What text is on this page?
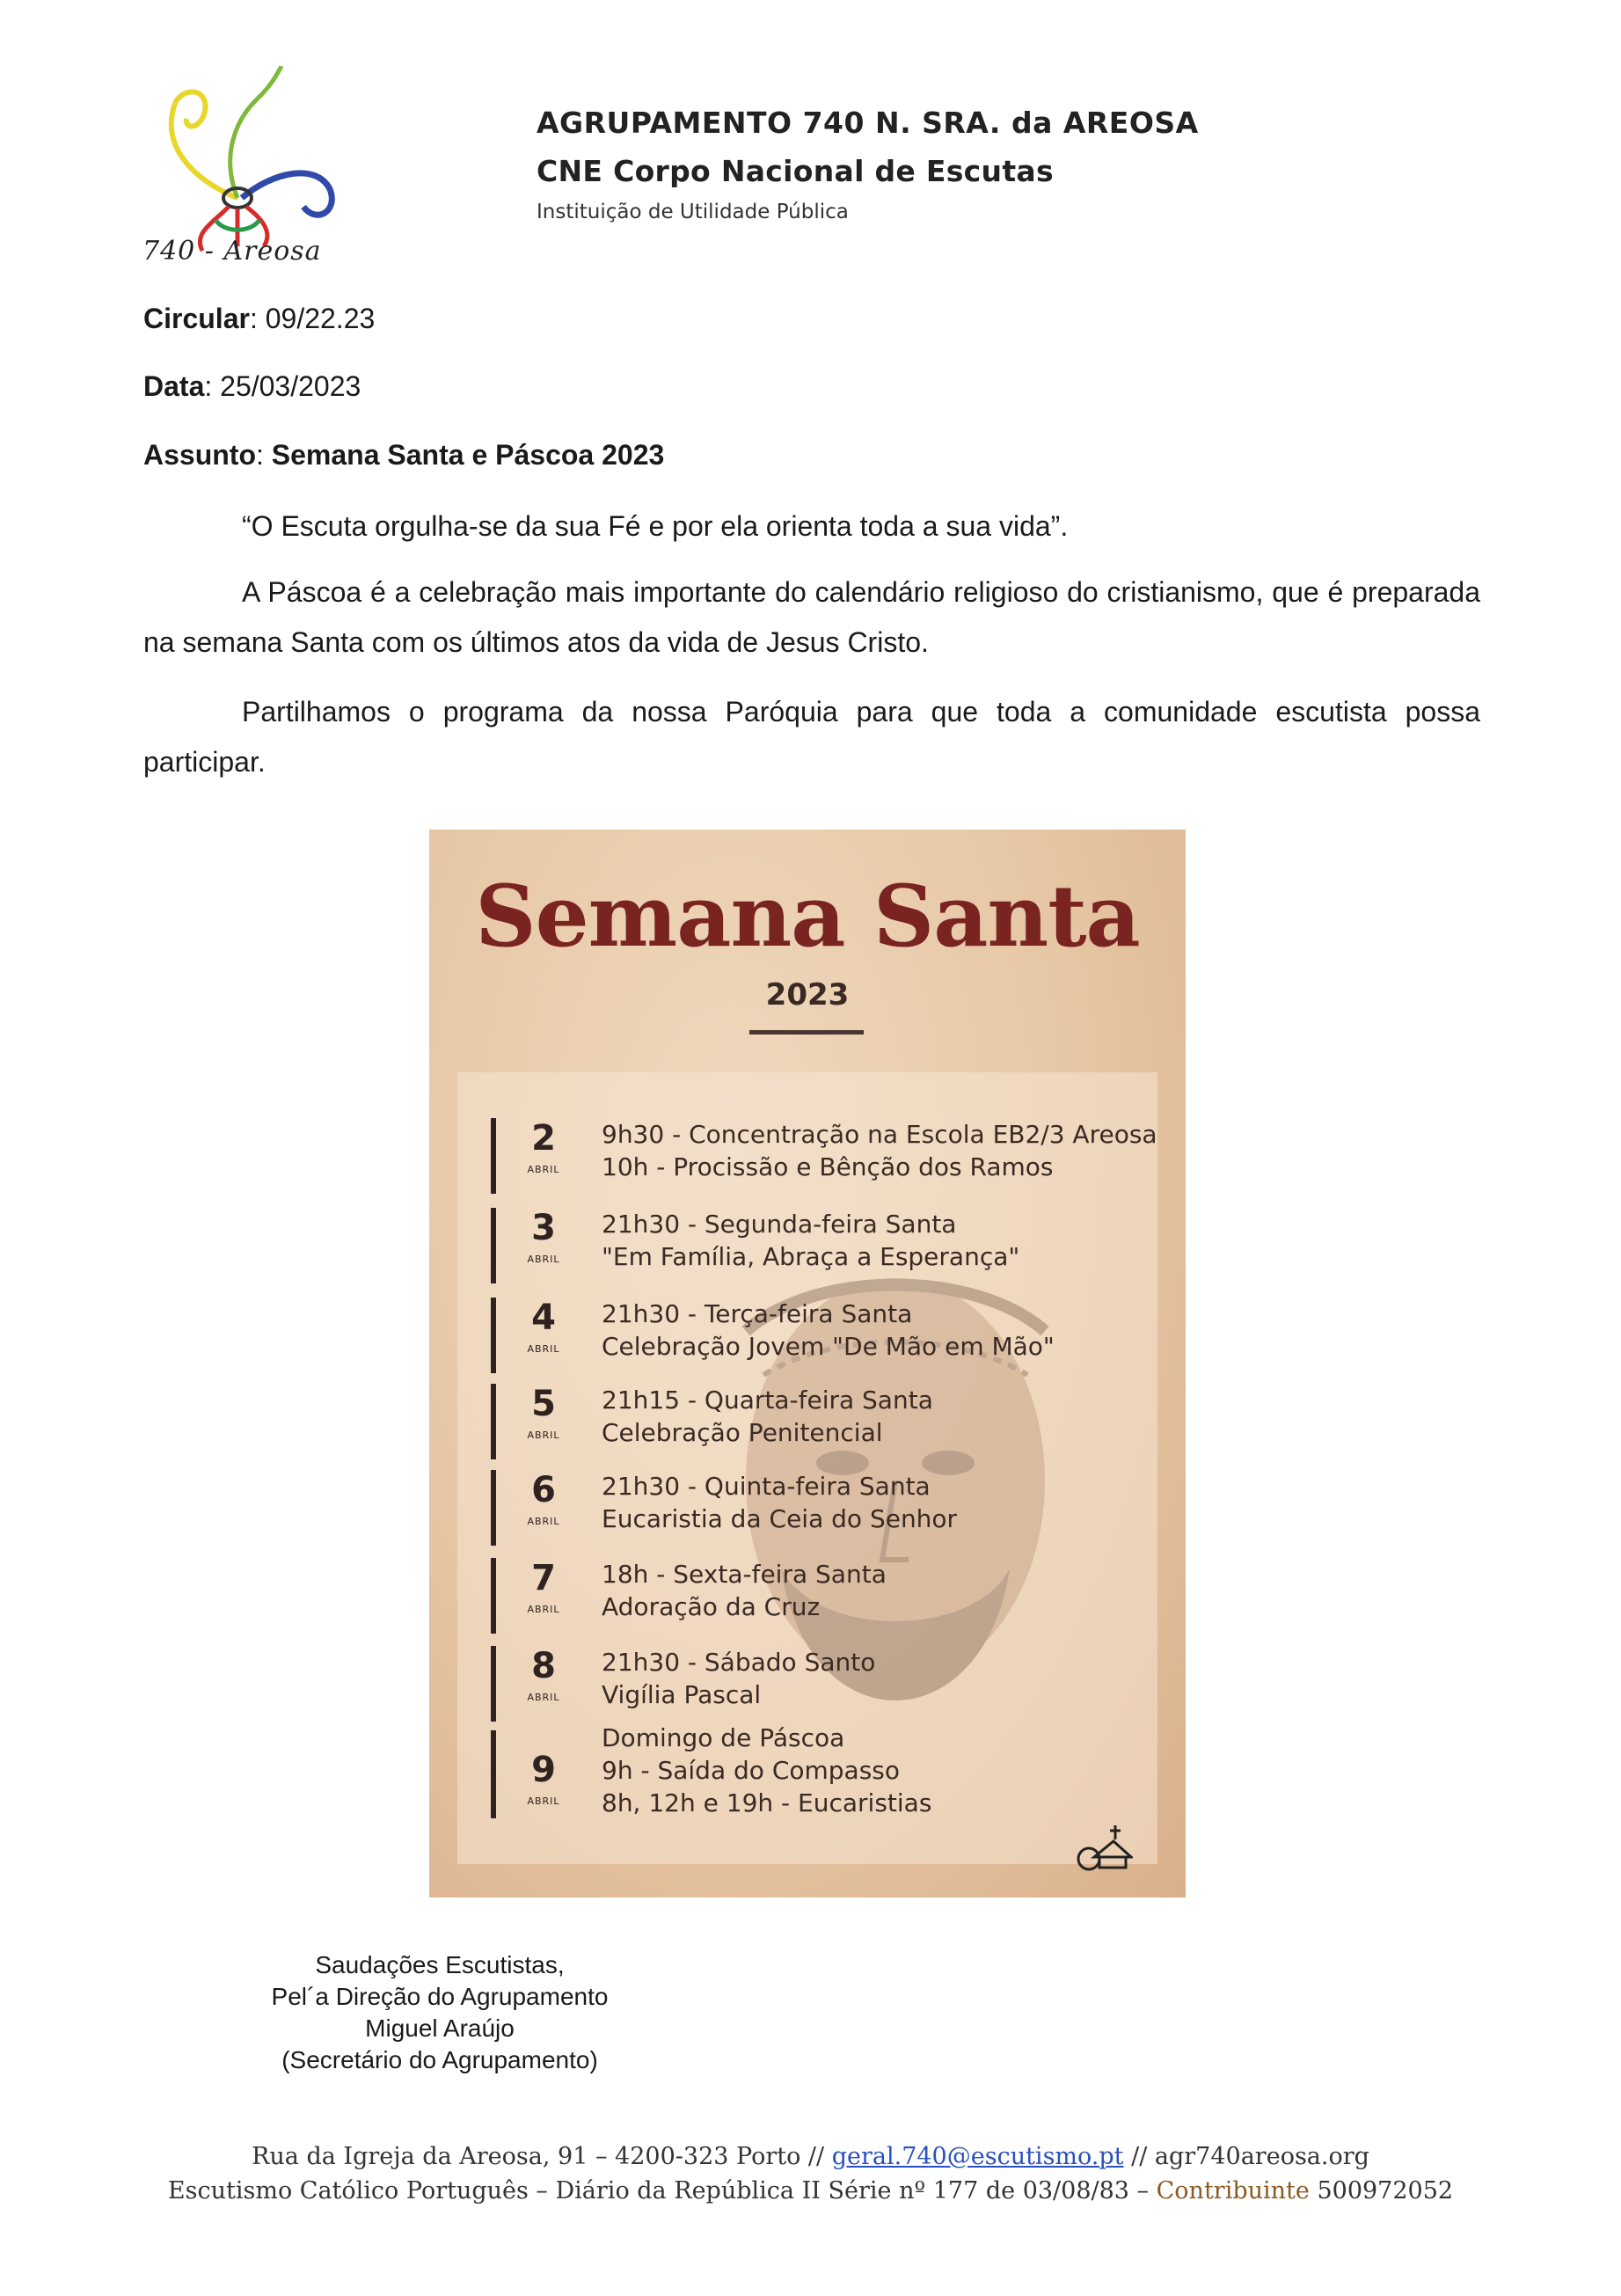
740 - Areosa
AGRUPAMENTO 740 N. SRA. da AREOSA
CNE Corpo Nacional de Escutas
Instituição de Utilidade Pública
Circular: 09/22.23
Data: 25/03/2023
Assunto: Semana Santa e Páscoa 2023
“O Escuta orgulha-se da sua Fé e por ela orienta toda a sua vida”.
A Páscoa é a celebração mais importante do calendário religioso do cristianismo, que é preparada na semana Santa com os últimos atos da vida de Jesus Cristo.
Partilhamos o programa da nossa Paróquia para que toda a comunidade escutista possa participar.
Semana Santa
2023
2
ABRIL
9h30 - Concentração na Escola EB2/3 Areosa
10h - Procissão e Bênção dos Ramos
3
ABRIL
21h30 - Segunda-feira Santa
"Em Família, Abraça a Esperança"
4
ABRIL
21h30 - Terça-feira Santa
Celebração Jovem "De Mão em Mão"
5
ABRIL
21h15 - Quarta-feira Santa
Celebração Penitencial
6
ABRIL
21h30 - Quinta-feira Santa
Eucaristia da Ceia do Senhor
7
ABRIL
18h - Sexta-feira Santa
Adoração da Cruz
8
ABRIL
21h30 - Sábado Santo
Vigília Pascal
9
ABRIL
Domingo de Páscoa
9h - Saída do Compasso
8h, 12h e 19h - Eucaristias
Saudações Escutistas,
Pel´a Direção do Agrupamento
Miguel Araújo
(Secretário do Agrupamento)
Rua da Igreja da Areosa, 91 – 4200-323 Porto // geral.740@escutismo.pt // agr740areosa.org
Escutismo Católico Português – Diário da República II Série nº 177 de 03/08/83 – Contribuinte 500972052
